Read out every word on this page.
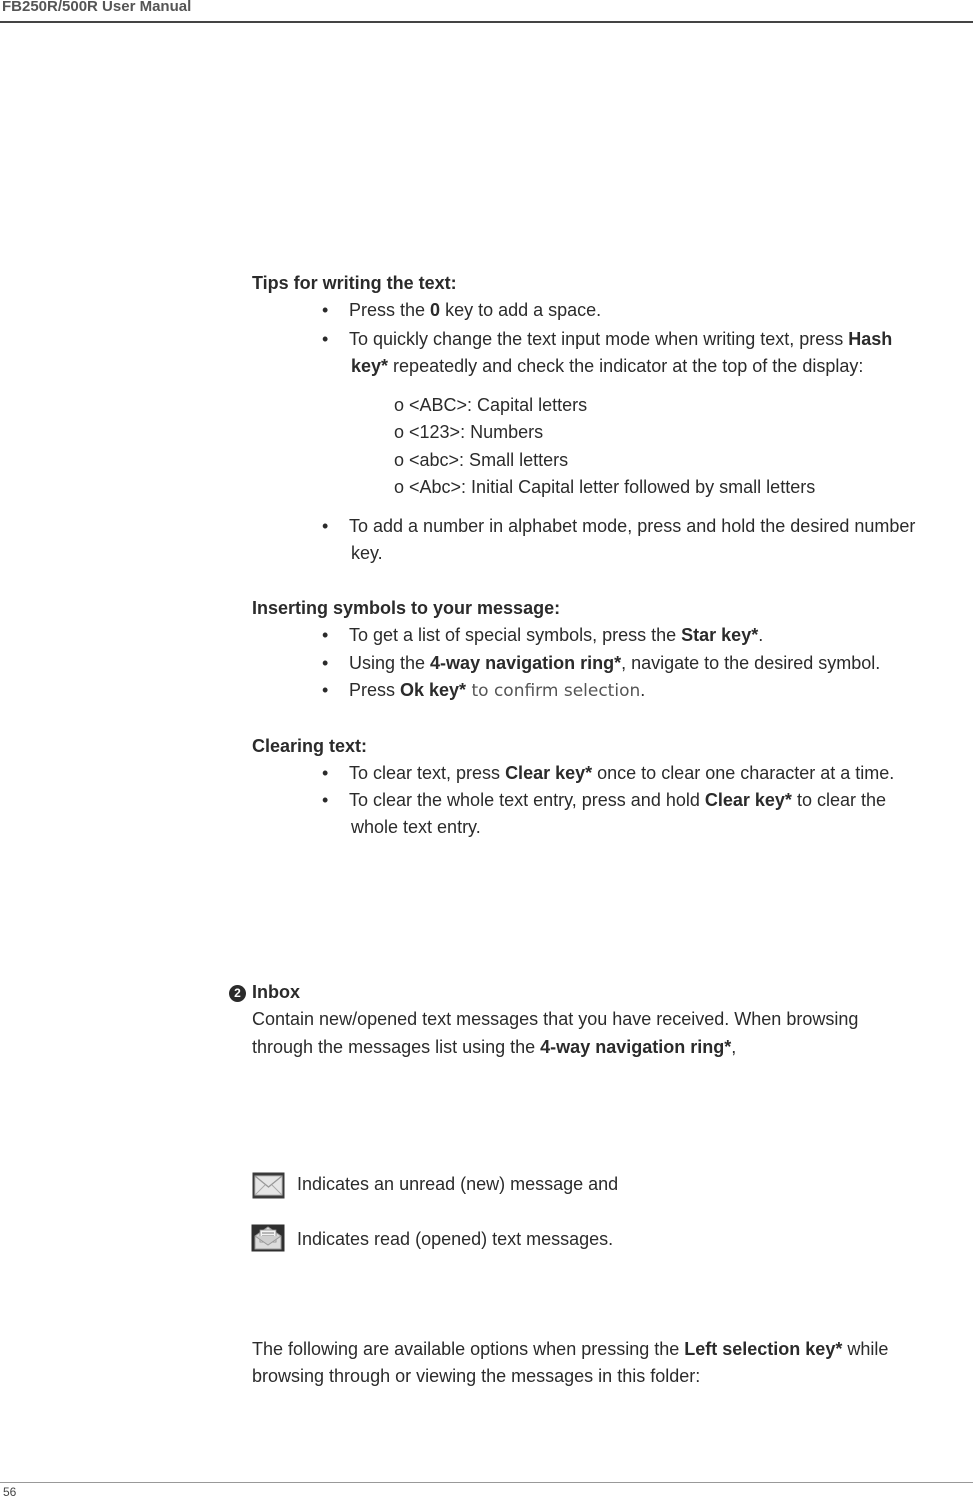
FB250R/500R User Manual
Tips for writing the text:
• Press the 0 key to add a space.
• To quickly change the text input mode when writing text, press Hash
key* repeatedly and check the indicator at the top of the display:
o <ABC>: Capital letters
o <123>: Numbers
o <abc>: Small letters
o <Abc>: Initial Capital letter followed by small letters
• To add a number in alphabet mode, press and hold the desired number
key.
Inserting symbols to your message:
• To get a list of special symbols, press the Star key*.
• Using the 4-way navigation ring*, navigate to the desired symbol.
• Press Ok key* to confirm selection.
Clearing text:
• To clear text, press Clear key* once to clear one character at a time.
• To clear the whole text entry, press and hold Clear key* to clear the
whole text entry.
2 Inbox
Contain new/opened text messages that you have received. When browsing
through the messages list using the 4-way navigation ring*,
Indicates an unread (new) message and
Indicates read (opened) text messages.
The following are available options when pressing the Left selection key* while
browsing through or viewing the messages in this folder:
56
